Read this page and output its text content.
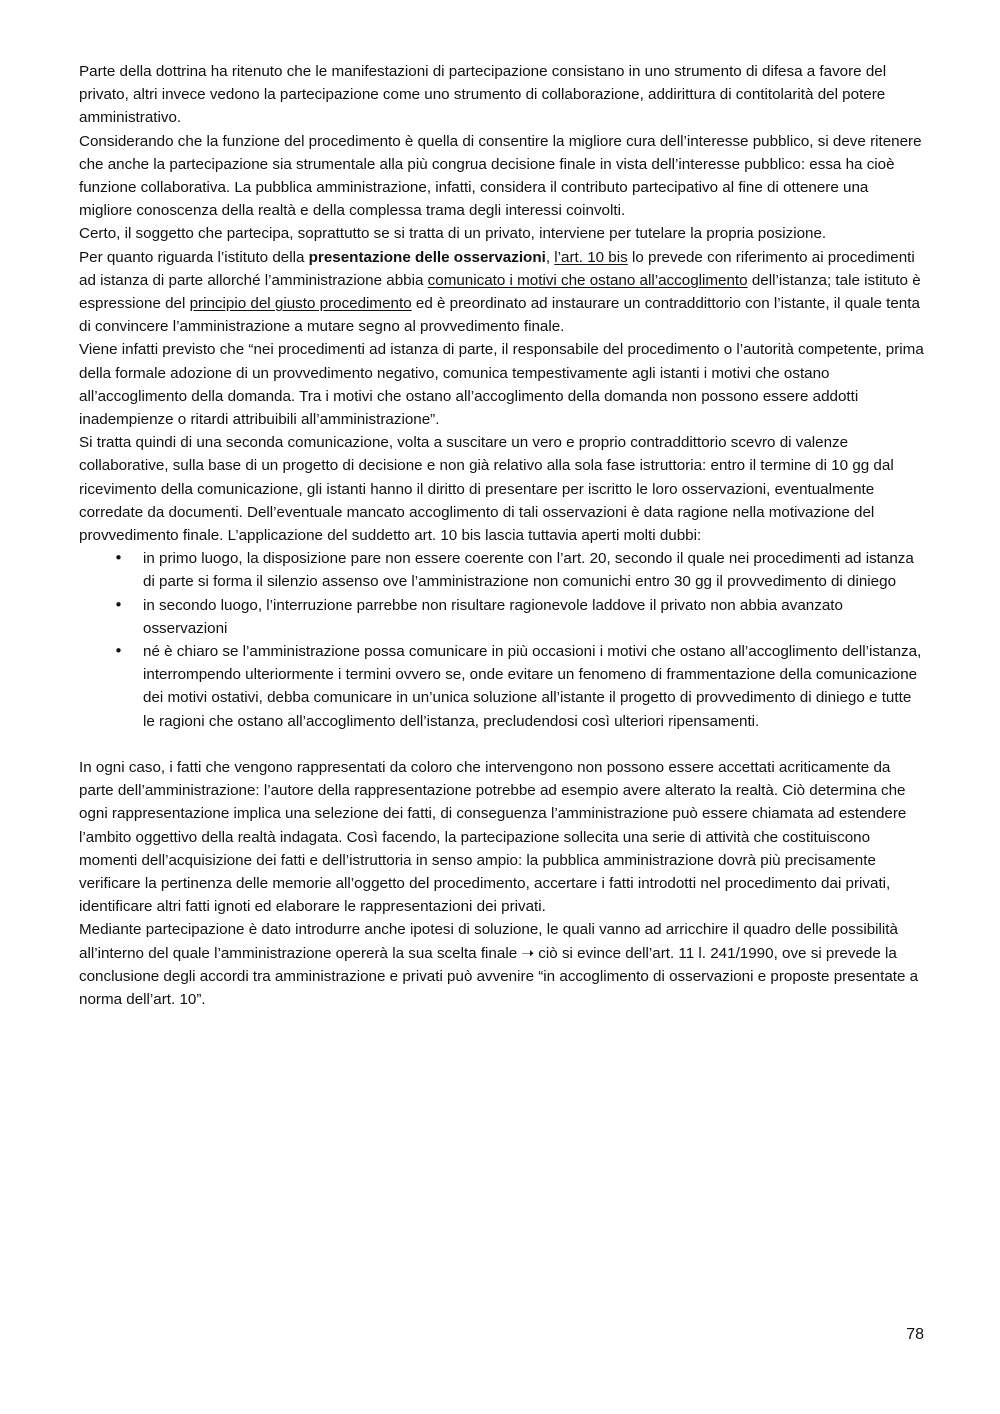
Parte della dottrina ha ritenuto che le manifestazioni di partecipazione consistano in uno strumento di difesa a favore del privato, altri invece vedono la partecipazione come uno strumento di collaborazione, addirittura di contitolarità del potere amministrativo.

Considerando che la funzione del procedimento è quella di consentire la migliore cura dell’interesse pubblico, si deve ritenere che anche la partecipazione sia strumentale alla più congrua decisione finale in vista dell’interesse pubblico: essa ha cioè funzione collaborativa. La pubblica amministrazione, infatti, considera il contributo partecipativo al fine di ottenere una migliore conoscenza della realtà e della complessa trama degli interessi coinvolti.

Certo, il soggetto che partecipa, soprattutto se si tratta di un privato, interviene per tutelare la propria posizione.

Per quanto riguarda l’istituto della presentazione delle osservazioni, l’art. 10 bis lo prevede con riferimento ai procedimenti ad istanza di parte allorché l’amministrazione abbia comunicato i motivi che ostano all’accoglimento dell’istanza; tale istituto è espressione del principio del giusto procedimento ed è preordinato ad instaurare un contraddittorio con l’istante, il quale tenta di convincere l’amministrazione a mutare segno al provvedimento finale.

Viene infatti previsto che “nei procedimenti ad istanza di parte, il responsabile del procedimento o l’autorità competente, prima della formale adozione di un provvedimento negativo, comunica tempestivamente agli istanti i motivi che ostano all’accoglimento della domanda. Tra i motivi che ostano all’accoglimento della domanda non possono essere addotti inadempienze o ritardi attribuibili all’amministrazione”.

Si tratta quindi di una seconda comunicazione, volta a suscitare un vero e proprio contraddittorio scevro di valenze collaborative, sulla base di un progetto di decisione e non già relativo alla sola fase istruttoria: entro il termine di 10 gg dal ricevimento della comunicazione, gli istanti hanno il diritto di presentare per iscritto le loro osservazioni, eventualmente corredate da documenti. Dell’eventuale mancato accoglimento di tali osservazioni è data ragione nella motivazione del provvedimento finale. L’applicazione del suddetto art. 10 bis lascia tuttavia aperti molti dubbi:

• in primo luogo, la disposizione pare non essere coerente con l’art. 20, secondo il quale nei procedimenti ad istanza di parte si forma il silenzio assenso ove l’amministrazione non comunichi entro 30 gg il provvedimento di diniego
• in secondo luogo, l’interruzione parrebbe non risultare ragionevole laddove il privato non abbia avanzato osservazioni
• né è chiaro se l’amministrazione possa comunicare in più occasioni i motivi che ostano all’accoglimento dell’istanza, interrompendo ulteriormente i termini ovvero se, onde evitare un fenomeno di frammentazione della comunicazione dei motivi ostativi, debba comunicare in un’unica soluzione all’istante il progetto di provvedimento di diniego e tutte le ragioni che ostano all’accoglimento dell’istanza, precludendosi così ulteriori ripensamenti.

In ogni caso, i fatti che vengono rappresentati da coloro che intervengono non possono essere accettati acriticamente da parte dell’amministrazione: l’autore della rappresentazione potrebbe ad esempio avere alterato la realtà. Ciò determina che ogni rappresentazione implica una selezione dei fatti, di conseguenza l’amministrazione può essere chiamata ad estendere l’ambito oggettivo della realtà indagata. Così facendo, la partecipazione sollecita una serie di attività che costituiscono momenti dell’acquisizione dei fatti e dell’istruttoria in senso ampio: la pubblica amministrazione dovrà più precisamente verificare la pertinenza delle memorie all’oggetto del procedimento, accertare i fatti introdotti nel procedimento dai privati, identificare altri fatti ignoti ed elaborare le rappresentazioni dei privati.

Mediante partecipazione è dato introdurre anche ipotesi di soluzione, le quali vanno ad arricchire il quadro delle possibilità all’interno del quale l’amministrazione opererà la sua scelta finale ➝ ciò si evince dell’art. 11 l. 241/1990, ove si prevede la conclusione degli accordi tra amministrazione e privati può avvenire “in accoglimento di osservazioni e proposte presentate a norma dell’art. 10”.

78
